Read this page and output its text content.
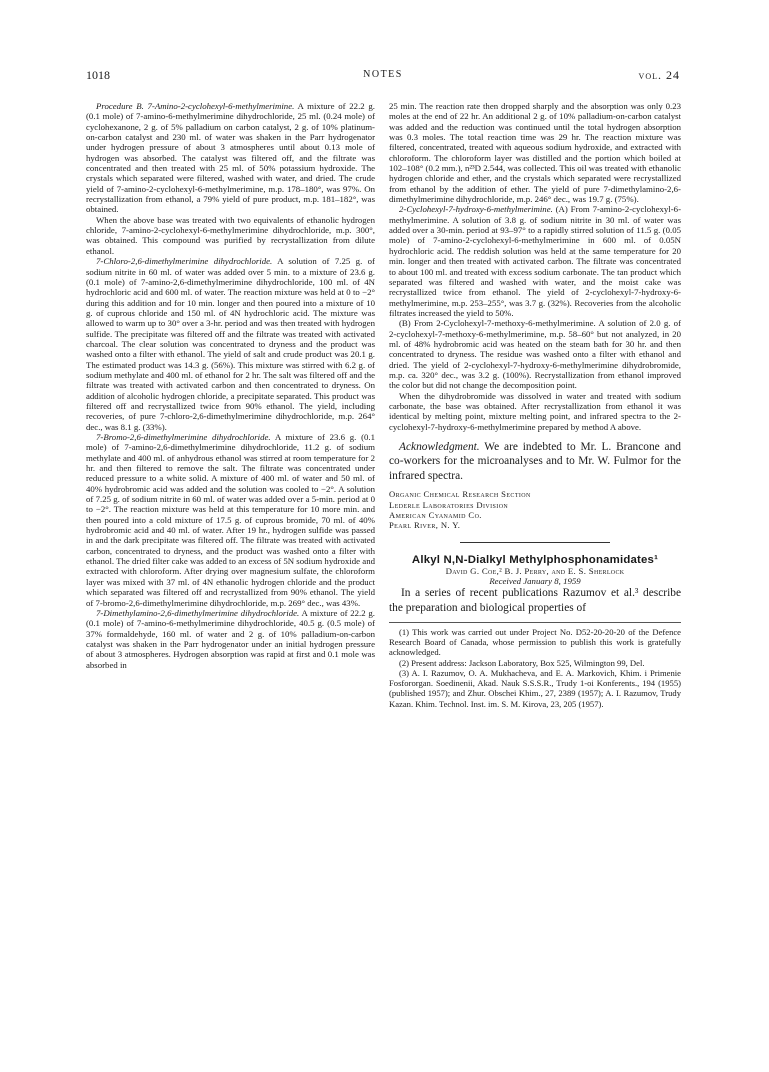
1018	NOTES	vol. 24

Procedure B. 7-Amino-2-cyclohexyl-6-methylmerimine. A mixture of 22.2 g. (0.1 mole) of 7-amino-6-methylmerimine dihydrochloride, 25 ml. (0.24 mole) of cyclohexanone, 2 g. of 5% palladium on carbon catalyst, 2 g. of 10% platinum-on-carbon catalyst and 230 ml. of water was shaken in the Parr hydrogenator under hydrogen pressure of about 3 atmospheres until about 0.13 mole of hydrogen was absorbed. The catalyst was filtered off, and the filtrate was concentrated and then treated with 25 ml. of 50% potassium hydroxide. The crystals which separated were filtered, washed with water, and dried. The crude yield of 7-amino-2-cyclohexyl-6-methylmerimine, m.p. 178–180°, was 97%. On recrystallization from ethanol, a 79% yield of pure product, m.p. 181–182°, was obtained.

When the above base was treated with two equivalents of ethanolic hydrogen chloride, 7-amino-2-cyclohexyl-6-methylmerimine dihydrochloride, m.p. 300°, was obtained. This compound was purified by recrystallization from dilute ethanol.

7-Chloro-2,6-dimethylmerimine dihydrochloride. A solution of 7.25 g. of sodium nitrite in 60 ml. of water was added over 5 min. to a mixture of 23.6 g. (0.1 mole) of 7-amino-2,6-dimethylmerimine dihydrochloride, 100 ml. of 4N hydrochloric acid and 600 ml. of water. The reaction mixture was held at 0 to −2° during this addition and for 10 min. longer and then poured into a mixture of 10 g. of cuprous chloride and 150 ml. of 4N hydrochloric acid. The mixture was allowed to warm up to 30° over a 3-hr. period and was then treated with hydrogen sulfide. The precipitate was filtered off and the filtrate was treated with activated charcoal. The clear solution was concentrated to dryness and the product was washed onto a filter with ethanol. The yield of salt and crude product was 20.1 g. The estimated product was 14.3 g. (56%). This mixture was stirred with 6.2 g. of sodium methylate and 400 ml. of ethanol for 2 hr. The salt was filtered off and the filtrate was treated with activated carbon and then concentrated to dryness. On addition of alcoholic hydrogen chloride, a precipitate separated. This product was filtered off and recrystallized twice from 90% ethanol. The yield, including recoveries, of pure 7-chloro-2,6-dimethylmerimine dihydrochloride, m.p. 264° dec., was 8.1 g. (33%).

7-Bromo-2,6-dimethylmerimine dihydrochloride. A mixture of 23.6 g. (0.1 mole) of 7-amino-2,6-dimethylmerimine dihydrochloride, 11.2 g. of sodium methylate and 400 ml. of anhydrous ethanol was stirred at room temperature for 2 hr. and then filtered to remove the salt. The filtrate was concentrated under reduced pressure to a white solid. A mixture of 400 ml. of water and 50 ml. of 40% hydrobromic acid was added and the solution was cooled to −2°. A solution of 7.25 g. of sodium nitrite in 60 ml. of water was added over a 5-min. period at 0 to −2°. The reaction mixture was held at this temperature for 10 more min. and then poured into a cold mixture of 17.5 g. of cuprous bromide, 70 ml. of 40% hydrobromic acid and 40 ml. of water. After 19 hr., hydrogen sulfide was passed in and the dark precipitate was filtered off. The filtrate was treated with activated carbon, concentrated to dryness, and the product was washed onto a filter with ethanol. The dried filter cake was added to an excess of 5N sodium hydroxide and extracted with chloroform. After drying over magnesium sulfate, the chloroform layer was mixed with 37 ml. of 4N ethanolic hydrogen chloride and the product which separated was filtered off and recrystallized from 90% ethanol. The yield of 7-bromo-2,6-dimethylmerimine dihydrochloride, m.p. 269° dec., was 43%.

7-Dimethylamino-2,6-dimethylmerimine dihydrochloride. A mixture of 22.2 g. (0.1 mole) of 7-amino-6-methylmerimine dihydrochloride, 40.5 g. (0.5 mole) of 37% formaldehyde, 160 ml. of water and 2 g. of 10% palladium-on-carbon catalyst was shaken in the Parr hydrogenator under an initial hydrogen pressure of about 3 atmospheres. Hydrogen absorption was rapid at first and 0.1 mole was absorbed in

25 min. The reaction rate then dropped sharply and the absorption was only 0.23 moles at the end of 22 hr. An additional 2 g. of 10% palladium-on-carbon catalyst was added and the reduction was continued until the total hydrogen absorption was 0.3 moles. The total reaction time was 29 hr. The reaction mixture was filtered, concentrated, treated with aqueous sodium hydroxide, and extracted with chloroform. The chloroform layer was distilled and the portion which boiled at 102–108° (0.2 mm.), n²³D 2.544, was collected. This oil was treated with ethanolic hydrogen chloride and ether, and the crystals which separated were recrystallized from ethanol by the addition of ether. The yield of pure 7-dimethylamino-2,6-dimethylmerimine dihydrochloride, m.p. 246° dec., was 19.7 g. (75%).

2-Cyclohexyl-7-hydroxy-6-methylmerimine. (A) From 7-amino-2-cyclohexyl-6-methylmerimine. A solution of 3.8 g. of sodium nitrite in 30 ml. of water was added over a 30-min. period at 93–97° to a rapidly stirred solution of 11.5 g. (0.05 mole) of 7-amino-2-cyclohexyl-6-methylmerimine in 600 ml. of 0.05N hydrochloric acid. The reddish solution was held at the same temperature for 20 min. longer and then treated with activated carbon. The filtrate was concentrated to about 100 ml. and treated with excess sodium carbonate. The tan product which separated was filtered and washed with water, and the moist cake was recrystallized twice from ethanol. The yield of 2-cyclohexyl-7-hydroxy-6-methylmerimine, m.p. 253–255°, was 3.7 g. (32%). Recoveries from the alcoholic filtrates increased the yield to 50%.

(B) From 2-Cyclohexyl-7-methoxy-6-methylmerimine. A solution of 2.0 g. of 2-cyclohexyl-7-methoxy-6-methylmerimine, m.p. 58–60° but not analyzed, in 20 ml. of 48% hydrobromic acid was heated on the steam bath for 30 hr. and then concentrated to dryness. The residue was washed onto a filter with ethanol and dried. The yield of 2-cyclohexyl-7-hydroxy-6-methylmerimine dihydrobromide, m.p. ca. 320° dec., was 3.2 g. (100%). Recrystallization from ethanol improved the color but did not change the decomposition point.

When the dihydrobromide was dissolved in water and treated with sodium carbonate, the base was obtained. After recrystallization from ethanol it was identical by melting point, mixture melting point, and infrared spectra to the 2-cyclohexyl-7-hydroxy-6-methylmerimine prepared by method A above.

Acknowledgment. We are indebted to Mr. L. Brancone and co-workers for the microanalyses and to Mr. W. Fulmor for the infrared spectra.

Organic Chemical Research Section
Lederle Laboratories Division
American Cyanamid Co.
Pearl River, N. Y.

Alkyl N,N-Dialkyl Methylphosphonamidates¹

David G. Coe,² B. J. Perry, and E. S. Sherlock

Received January 8, 1959

In a series of recent publications Razumov et al.³ describe the preparation and biological properties of

(1) This work was carried out under Project No. D52-20-20-20 of the Defence Research Board of Canada, whose permission to publish this work is gratefully acknowledged.

(2) Present address: Jackson Laboratory, Box 525, Wilmington 99, Del.

(3) A. I. Razumov, O. A. Mukhacheva, and E. A. Markovich, Khim. i Primenie Fosfororgan. Soedinenii, Akad. Nauk S.S.S.R., Trudy 1-oi Konferents., 194 (1955) (published 1957); and Zhur. Obschei Khim., 27, 2389 (1957); A. I. Razumov, Trudy Kazan. Khim. Technol. Inst. im. S. M. Kirova, 23, 205 (1957).
